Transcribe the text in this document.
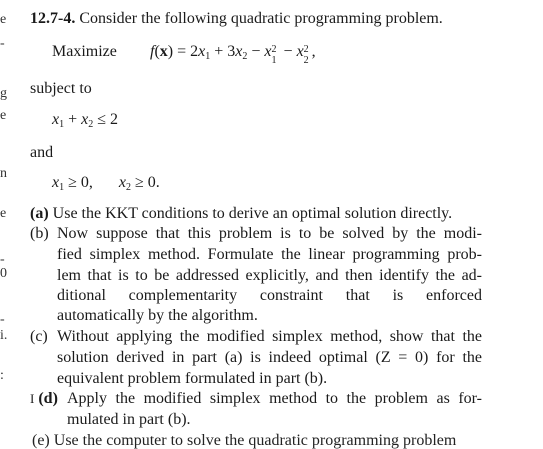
e
-
g
e
n
e
-
0
-
i.
:
12.7-4. Consider the following quadratic programming problem.
Maximize $f(x) = 2x_1 + 3x_2 - x$ 2
1
− x 2
2
,
subject to
$x_1 + x_2 \le 2$
and
$x_1 \ge 0$, $x_2 \ge 0$.
(a) Use the KKT conditions to derive an optimal solution directly.
(b) Now suppose that this problem is to be solved by the modi-
fied simplex method. Formulate the linear programming prob-
lem that is to be addressed explicitly, and then identify the ad-
ditional complementarity constraint that is enforced
automatically by the algorithm.
(c) Without applying the modified simplex method, show that the
solution derived in part (a) is indeed optimal (Z = 0) for the
equivalent problem formulated in part (b).
I (d) Apply the modified simplex method to the problem as for-
mulated in part (b).
(e) Use the computer to solve the quadratic programming problem
